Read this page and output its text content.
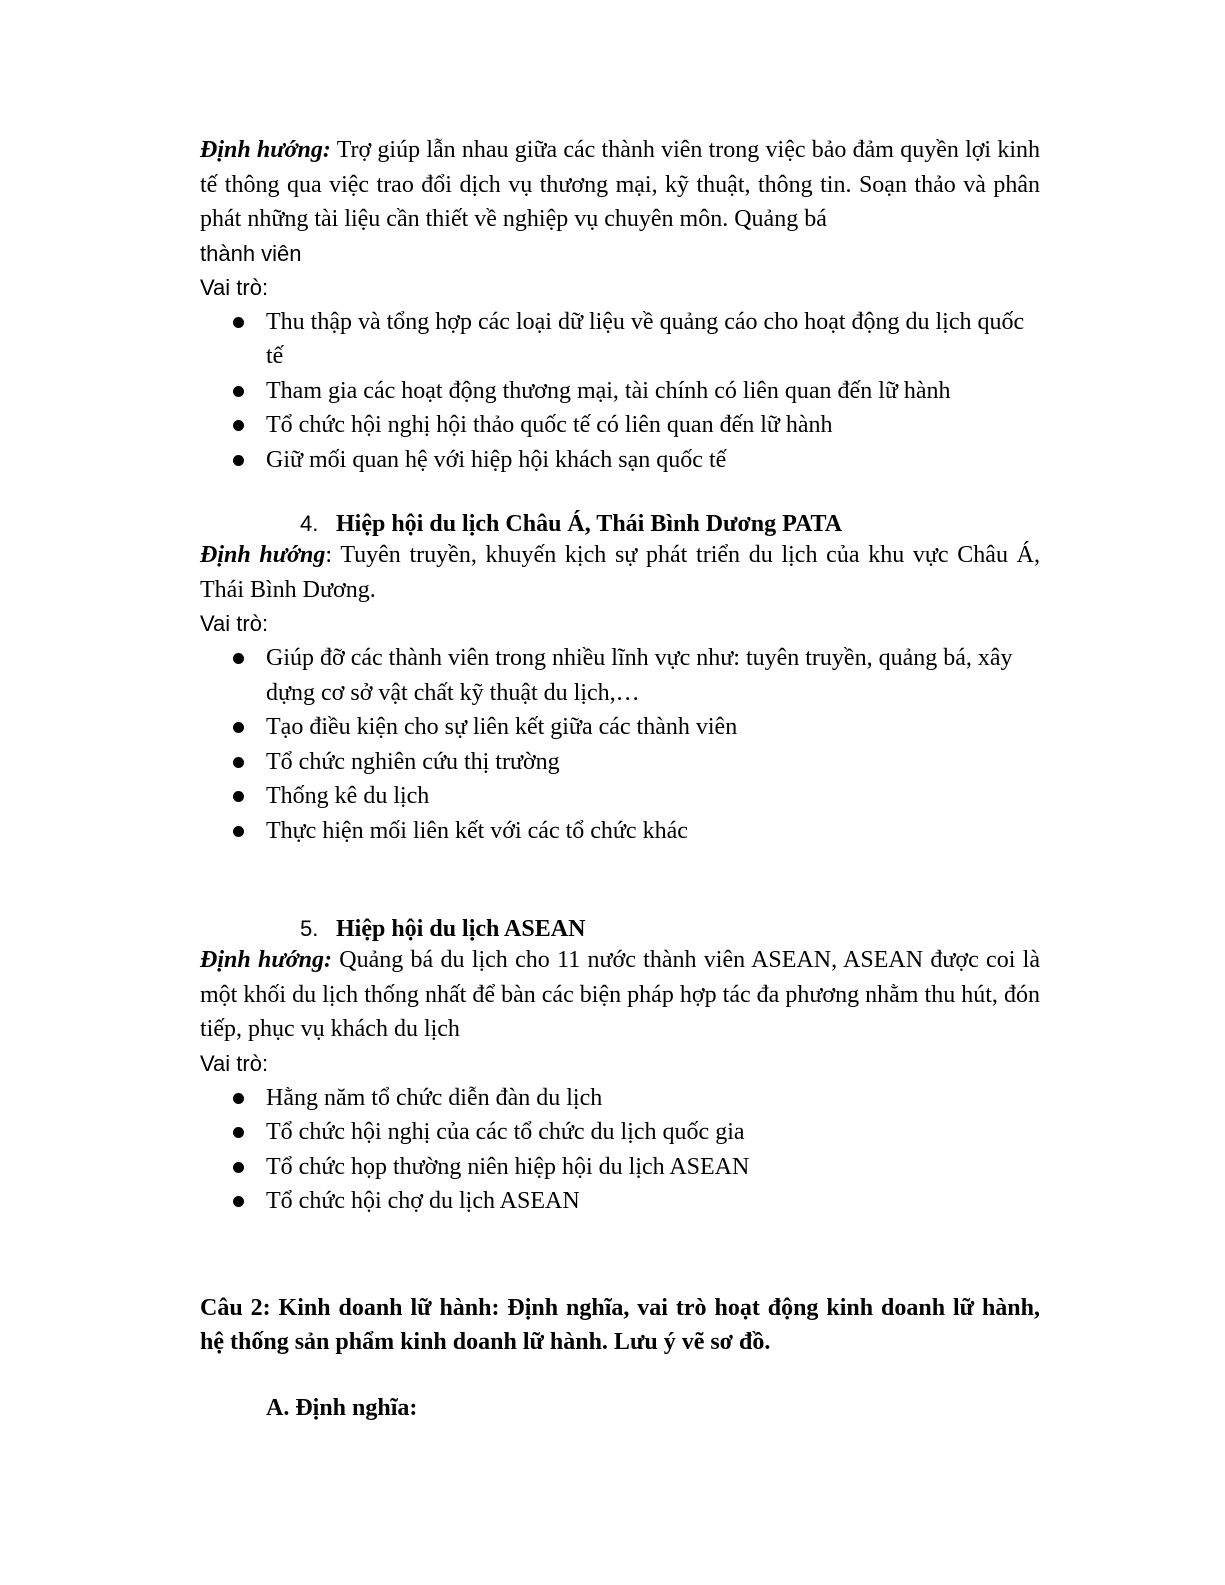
Định hướng: Trợ giúp lẫn nhau giữa các thành viên trong việc bảo đảm quyền lợi kinh tế thông qua việc trao đổi dịch vụ thương mại, kỹ thuật, thông tin. Soạn thảo và phân phát những tài liệu cần thiết về nghiệp vụ chuyên môn. Quảng bá
thành viên
Vai trò:
Thu thập và tổng hợp các loại dữ liệu về quảng cáo cho hoạt động du lịch quốc tế
Tham gia các hoạt động thương mại, tài chính có liên quan đến lữ hành
Tổ chức hội nghị hội thảo quốc tế có liên quan đến lữ hành
Giữ mối quan hệ với hiệp hội khách sạn quốc tế
4. Hiệp hội du lịch Châu Á, Thái Bình Dương PATA
Định hướng: Tuyên truyền, khuyến kịch sự phát triển du lịch của khu vực Châu Á, Thái Bình Dương.
Vai trò:
Giúp đỡ các thành viên trong nhiều lĩnh vực như: tuyên truyền, quảng bá, xây dựng cơ sở vật chất kỹ thuật du lịch,…
Tạo điều kiện cho sự liên kết giữa các thành viên
Tổ chức nghiên cứu thị trường
Thống kê du lịch
Thực hiện mối liên kết với các tổ chức khác
5. Hiệp hội du lịch ASEAN
Định hướng: Quảng bá du lịch cho 11 nước thành viên ASEAN, ASEAN được coi là một khối du lịch thống nhất để bàn các biện pháp hợp tác đa phương nhằm thu hút, đón tiếp, phục vụ khách du lịch
Vai trò:
Hằng năm tổ chức diễn đàn du lịch
Tổ chức hội nghị của các tổ chức du lịch quốc gia
Tổ chức họp thường niên hiệp hội du lịch ASEAN
Tổ chức hội chợ du lịch ASEAN
Câu 2: Kinh doanh lữ hành: Định nghĩa, vai trò hoạt động kinh doanh lữ hành, hệ thống sản phẩm kinh doanh lữ hành. Lưu ý vẽ sơ đồ.
A. Định nghĩa:
